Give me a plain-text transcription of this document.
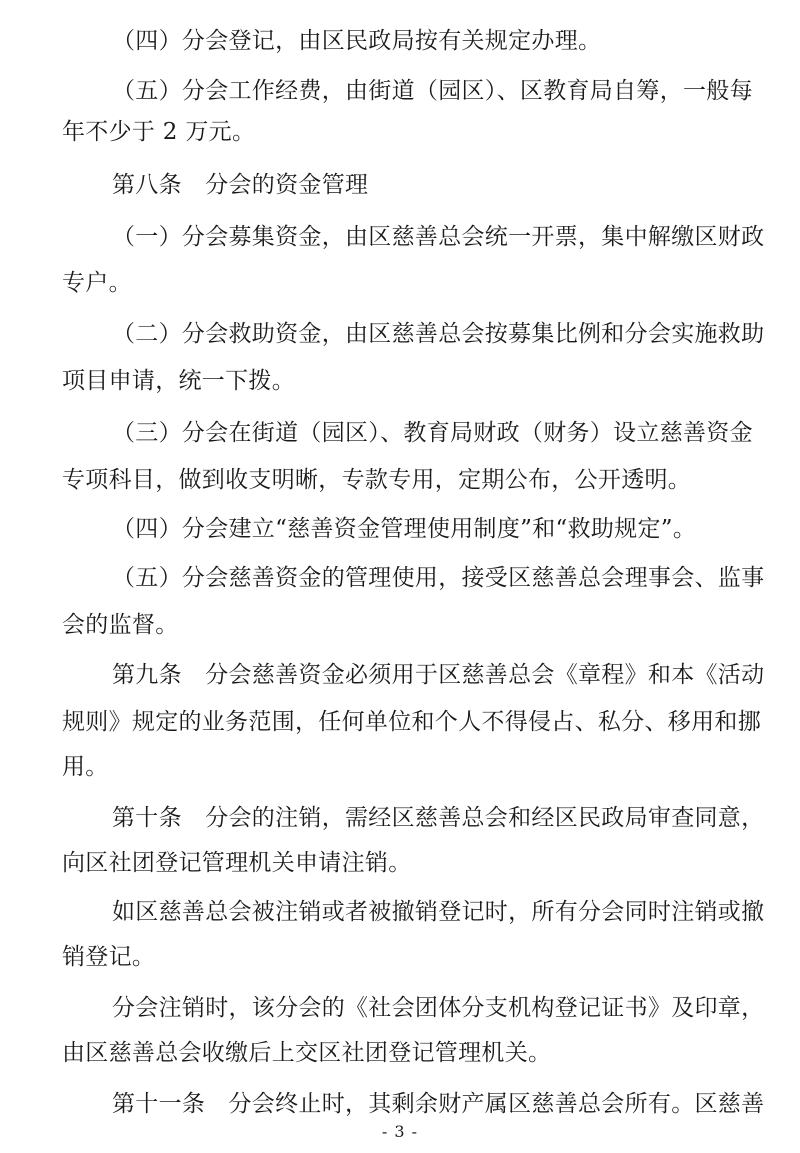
（四）分会登记，由区民政局按有关规定办理。
（五）分会工作经费，由街道（园区）、区教育局自筹，一般每
年不少于 2 万元。
第八条　分会的资金管理
（一）分会募集资金，由区慈善总会统一开票，集中解缴区财政
专户。
（二）分会救助资金，由区慈善总会按募集比例和分会实施救助
项目申请，统一下拨。
（三）分会在街道（园区）、教育局财政（财务）设立慈善资金
专项科目，做到收支明晰，专款专用，定期公布，公开透明。
（四）分会建立“慈善资金管理使用制度”和“救助规定”。
（五）分会慈善资金的管理使用，接受区慈善总会理事会、监事
会的监督。
第九条　分会慈善资金必须用于区慈善总会《章程》和本《活动
规则》规定的业务范围，任何单位和个人不得侵占、私分、移用和挪
用。
第十条　分会的注销，需经区慈善总会和经区民政局审查同意，
向区社团登记管理机关申请注销。
如区慈善总会被注销或者被撤销登记时，所有分会同时注销或撤
销登记。
分会注销时，该分会的《社会团体分支机构登记证书》及印章，
由区慈善总会收缴后上交区社团登记管理机关。
第十一条　分会终止时，其剩余财产属区慈善总会所有。区慈善
- 3 -
